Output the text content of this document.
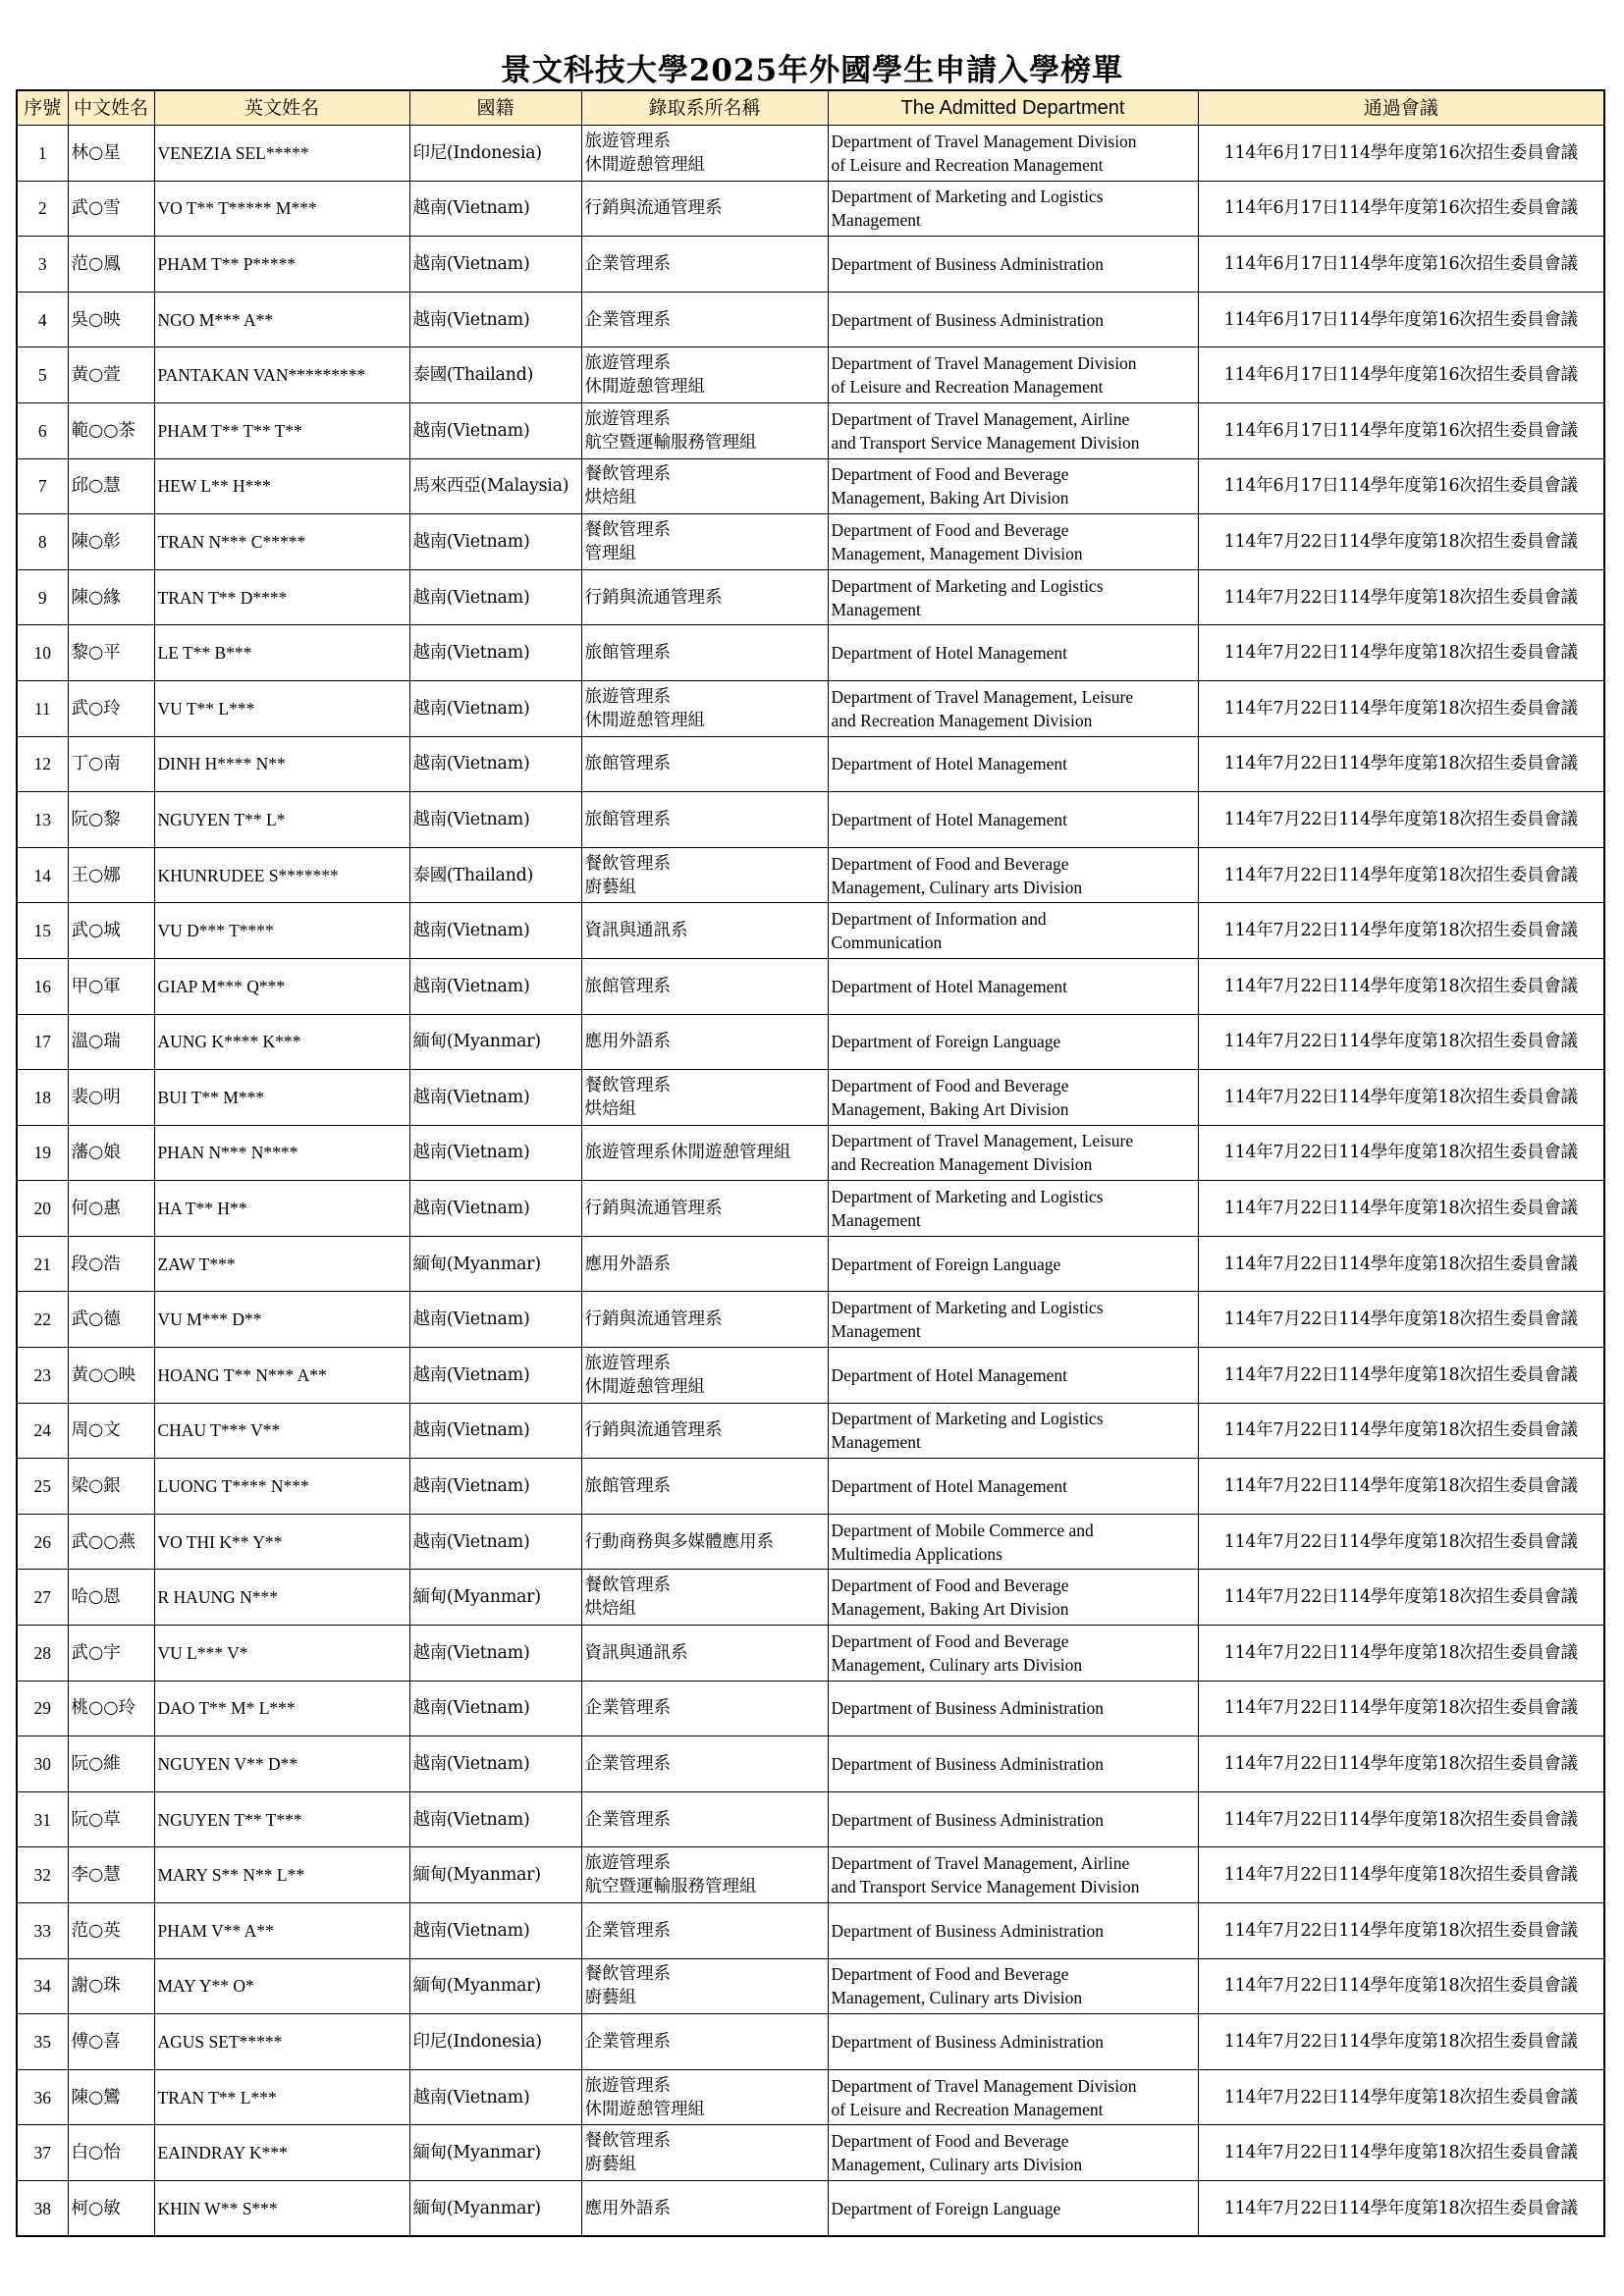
景文科技大學2025年外國學生申請入學榜單
序號	中文姓名	英文姓名	國籍	錄取系所名稱	The Admitted Department	通過會議
1	林○星	VENEZIA SEL*****	印尼(Indonesia)	旅遊管理系
休閒遊憩管理組	Department of Travel Management Division
of Leisure and Recreation Management	114年6月17日114學年度第16次招生委員會議
2	武○雪	VO T** T***** M***	越南(Vietnam)	行銷與流通管理系	Department of Marketing and Logistics
Management	114年6月17日114學年度第16次招生委員會議
3	范○鳳	PHAM T** P*****	越南(Vietnam)	企業管理系	Department of Business Administration	114年6月17日114學年度第16次招生委員會議
4	吳○映	NGO M*** A**	越南(Vietnam)	企業管理系	Department of Business Administration	114年6月17日114學年度第16次招生委員會議
5	黃○萱	PANTAKAN VAN*********	泰國(Thailand)	旅遊管理系
休閒遊憩管理組	Department of Travel Management Division
of Leisure and Recreation Management	114年6月17日114學年度第16次招生委員會議
6	範○○茶	PHAM T** T** T**	越南(Vietnam)	旅遊管理系
航空暨運輸服務管理組	Department of Travel Management, Airline
and Transport Service Management Division	114年6月17日114學年度第16次招生委員會議
7	邱○慧	HEW L** H***	馬來西亞(Malaysia)	餐飲管理系
烘焙組	Department of Food and Beverage
Management, Baking Art Division	114年6月17日114學年度第16次招生委員會議
8	陳○彰	TRAN N*** C*****	越南(Vietnam)	餐飲管理系
管理組	Department of Food and Beverage
Management, Management Division	114年7月22日114學年度第18次招生委員會議
9	陳○緣	TRAN T** D****	越南(Vietnam)	行銷與流通管理系	Department of Marketing and Logistics
Management	114年7月22日114學年度第18次招生委員會議
10	黎○平	LE T** B***	越南(Vietnam)	旅館管理系	Department of Hotel Management	114年7月22日114學年度第18次招生委員會議
11	武○玲	VU T** L***	越南(Vietnam)	旅遊管理系
休閒遊憩管理組	Department of Travel Management, Leisure
and Recreation Management Division	114年7月22日114學年度第18次招生委員會議
12	丁○南	DINH H**** N**	越南(Vietnam)	旅館管理系	Department of Hotel Management	114年7月22日114學年度第18次招生委員會議
13	阮○黎	NGUYEN T** L*	越南(Vietnam)	旅館管理系	Department of Hotel Management	114年7月22日114學年度第18次招生委員會議
14	王○娜	KHUNRUDEE S*******	泰國(Thailand)	餐飲管理系
廚藝組	Department of Food and Beverage
Management, Culinary arts Division	114年7月22日114學年度第18次招生委員會議
15	武○城	VU D*** T****	越南(Vietnam)	資訊與通訊系	Department of Information and
Communication	114年7月22日114學年度第18次招生委員會議
16	甲○軍	GIAP M*** Q***	越南(Vietnam)	旅館管理系	Department of Hotel Management	114年7月22日114學年度第18次招生委員會議
17	溫○瑞	AUNG K**** K***	緬甸(Myanmar)	應用外語系	Department of Foreign Language	114年7月22日114學年度第18次招生委員會議
18	裴○明	BUI T** M***	越南(Vietnam)	餐飲管理系
烘焙組	Department of Food and Beverage
Management, Baking Art Division	114年7月22日114學年度第18次招生委員會議
19	藩○娘	PHAN N*** N****	越南(Vietnam)	旅遊管理系休閒遊憩管理組	Department of Travel Management, Leisure
and Recreation Management Division	114年7月22日114學年度第18次招生委員會議
20	何○惠	HA T** H**	越南(Vietnam)	行銷與流通管理系	Department of Marketing and Logistics
Management	114年7月22日114學年度第18次招生委員會議
21	段○浩	ZAW T***	緬甸(Myanmar)	應用外語系	Department of Foreign Language	114年7月22日114學年度第18次招生委員會議
22	武○德	VU M*** D**	越南(Vietnam)	行銷與流通管理系	Department of Marketing and Logistics
Management	114年7月22日114學年度第18次招生委員會議
23	黃○○映	HOANG T** N*** A**	越南(Vietnam)	旅遊管理系
休閒遊憩管理組	Department of Hotel Management	114年7月22日114學年度第18次招生委員會議
24	周○文	CHAU T*** V**	越南(Vietnam)	行銷與流通管理系	Department of Marketing and Logistics
Management	114年7月22日114學年度第18次招生委員會議
25	梁○銀	LUONG T**** N***	越南(Vietnam)	旅館管理系	Department of Hotel Management	114年7月22日114學年度第18次招生委員會議
26	武○○燕	VO THI K** Y**	越南(Vietnam)	行動商務與多媒體應用系	Department of Mobile Commerce and
Multimedia Applications	114年7月22日114學年度第18次招生委員會議
27	哈○恩	R HAUNG N***	緬甸(Myanmar)	餐飲管理系
烘焙組	Department of Food and Beverage
Management, Baking Art Division	114年7月22日114學年度第18次招生委員會議
28	武○宇	VU L*** V*	越南(Vietnam)	資訊與通訊系	Department of Food and Beverage
Management, Culinary arts Division	114年7月22日114學年度第18次招生委員會議
29	桃○○玲	DAO T** M* L***	越南(Vietnam)	企業管理系	Department of Business Administration	114年7月22日114學年度第18次招生委員會議
30	阮○維	NGUYEN V** D**	越南(Vietnam)	企業管理系	Department of Business Administration	114年7月22日114學年度第18次招生委員會議
31	阮○草	NGUYEN T** T***	越南(Vietnam)	企業管理系	Department of Business Administration	114年7月22日114學年度第18次招生委員會議
32	李○慧	MARY S** N** L**	緬甸(Myanmar)	旅遊管理系
航空暨運輸服務管理組	Department of Travel Management, Airline
and Transport Service Management Division	114年7月22日114學年度第18次招生委員會議
33	范○英	PHAM V** A**	越南(Vietnam)	企業管理系	Department of Business Administration	114年7月22日114學年度第18次招生委員會議
34	謝○珠	MAY Y** O*	緬甸(Myanmar)	餐飲管理系
廚藝組	Department of Food and Beverage
Management, Culinary arts Division	114年7月22日114學年度第18次招生委員會議
35	傅○喜	AGUS SET*****	印尼(Indonesia)	企業管理系	Department of Business Administration	114年7月22日114學年度第18次招生委員會議
36	陳○鸞	TRAN T** L***	越南(Vietnam)	旅遊管理系
休閒遊憩管理組	Department of Travel Management Division
of Leisure and Recreation Management	114年7月22日114學年度第18次招生委員會議
37	白○怡	EAINDRAY K***	緬甸(Myanmar)	餐飲管理系
廚藝組	Department of Food and Beverage
Management, Culinary arts Division	114年7月22日114學年度第18次招生委員會議
38	柯○敏	KHIN W** S***	緬甸(Myanmar)	應用外語系	Department of Foreign Language	114年7月22日114學年度第18次招生委員會議
